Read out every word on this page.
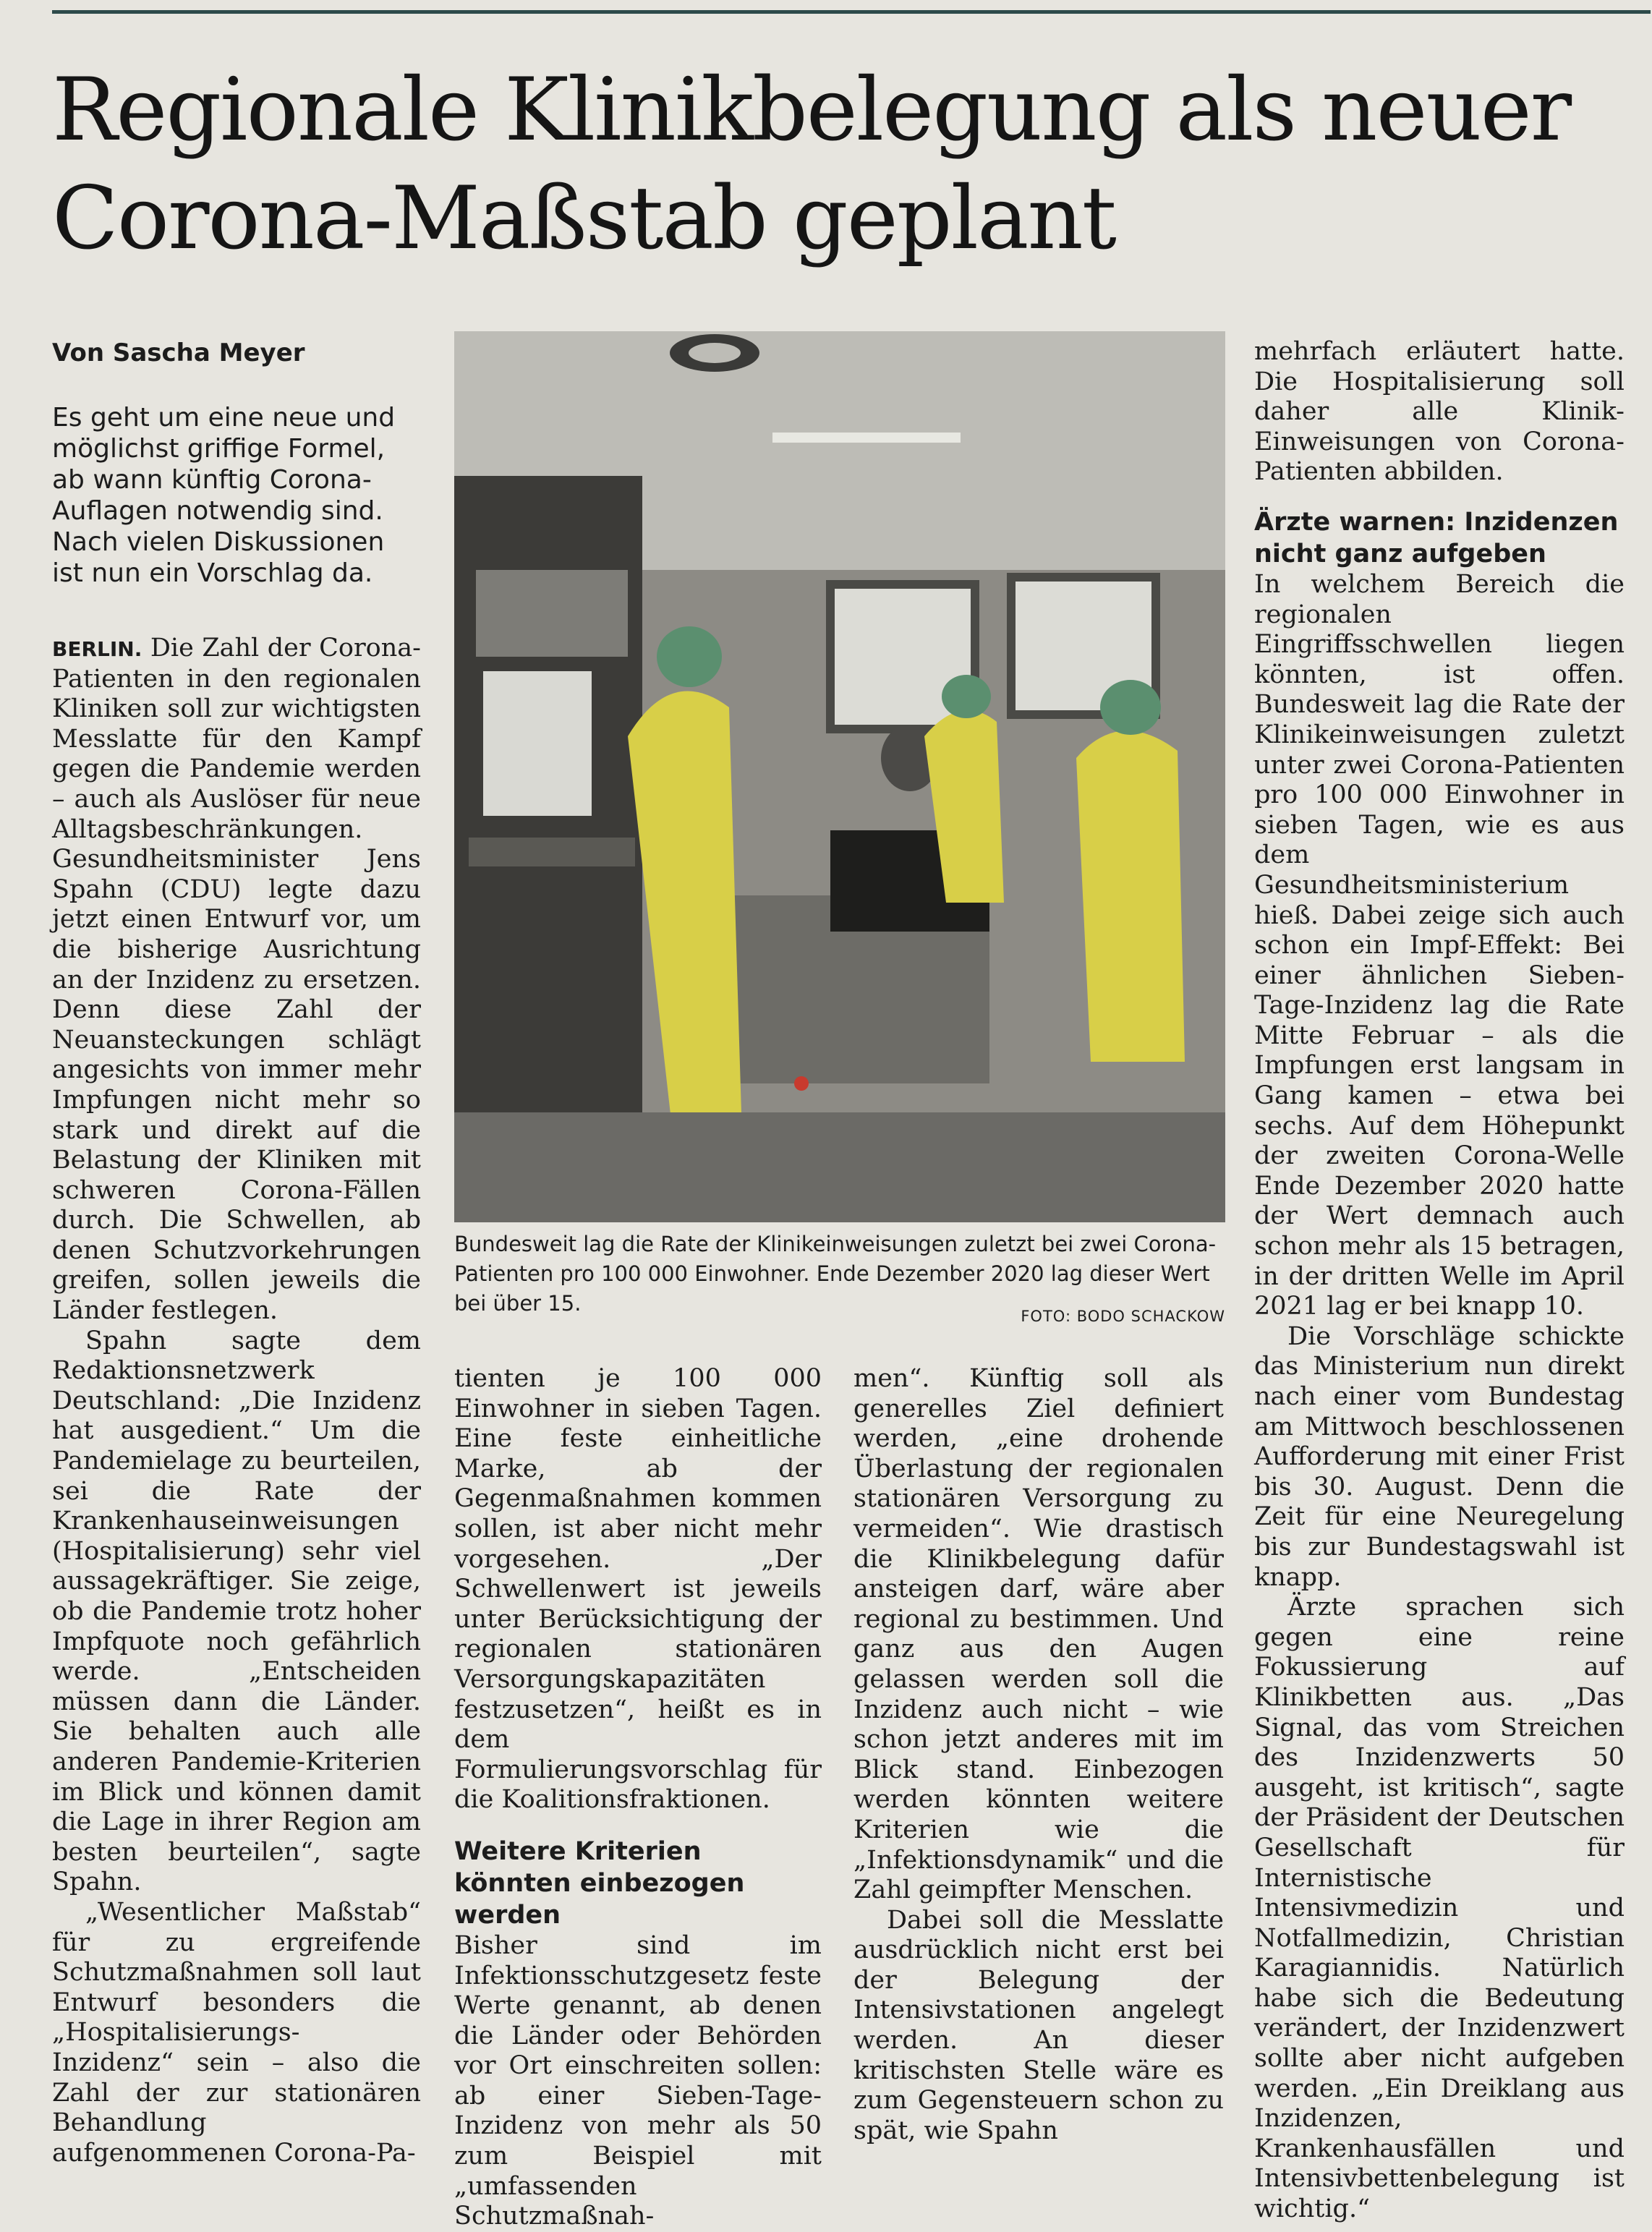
Regionale Klinikbelegung als neuer Corona-Maßstab geplant
Von Sascha Meyer
Es geht um eine neue und möglichst griffige Formel, ab wann künftig Corona-Auflagen notwendig sind. Nach vielen Diskussionen ist nun ein Vorschlag da.

BERLIN. Die Zahl der Corona-Patienten in den regionalen Kliniken soll zur wichtigsten Messlatte für den Kampf gegen die Pandemie werden – auch als Auslöser für neue Alltagsbeschränkungen. Gesundheitsminister Jens Spahn (CDU) legte dazu jetzt einen Entwurf vor, um die bisherige Ausrichtung an der Inzidenz zu ersetzen. Denn diese Zahl der Neuansteckungen schlägt angesichts von immer mehr Impfungen nicht mehr so stark und direkt auf die Belastung der Kliniken mit schweren Corona-Fällen durch. Die Schwellen, ab denen Schutzvorkehrungen greifen, sollen jeweils die Länder festlegen.

Spahn sagte dem Redaktionsnetzwerk Deutschland: „Die Inzidenz hat ausgedient.“ Um die Pandemielage zu beurteilen, sei die Rate der Krankenhauseinweisungen (Hospitalisierung) sehr viel aussagekräftiger. Sie zeige, ob die Pandemie trotz hoher Impfquote noch gefährlich werde. „Entscheiden müssen dann die Länder. Sie behalten auch alle anderen Pandemie-Kriterien im Blick und können damit die Lage in ihrer Region am besten beurteilen“, sagte Spahn.

„Wesentlicher Maßstab“ für zu ergreifende Schutzmaßnahmen soll laut Entwurf besonders die „Hospitalisierungs-Inzidenz“ sein – also die Zahl der zur stationären Behandlung aufgenommenen Corona-Pa-

Bundesweit lag die Rate der Klinikeinweisungen zuletzt bei zwei Corona-Patienten pro 100 000 Einwohner. Ende Dezember 2020 lag dieser Wert bei über 15.
FOTO: BODO SCHACKOW

tienten je 100 000 Einwohner in sieben Tagen. Eine feste einheitliche Marke, ab der Gegenmaßnahmen kommen sollen, ist aber nicht mehr vorgesehen. „Der Schwellenwert ist jeweils unter Berücksichtigung der regionalen stationären Versorgungskapazitäten festzusetzen“, heißt es in dem Formulierungsvorschlag für die Koalitionsfraktionen.

Weitere Kriterien könnten einbezogen werden

Bisher sind im Infektionsschutzgesetz feste Werte genannt, ab denen die Länder oder Behörden vor Ort einschreiten sollen: ab einer Sieben-Tage-Inzidenz von mehr als 50 zum Beispiel mit „umfassenden Schutzmaßnah-

men“. Künftig soll als generelles Ziel definiert werden, „eine drohende Überlastung der regionalen stationären Versorgung zu vermeiden“. Wie drastisch die Klinikbelegung dafür ansteigen darf, wäre aber regional zu bestimmen. Und ganz aus den Augen gelassen werden soll die Inzidenz auch nicht – wie schon jetzt anderes mit im Blick stand. Einbezogen werden könnten weitere Kriterien wie die „Infektionsdynamik“ und die Zahl geimpfter Menschen.

Dabei soll die Messlatte ausdrücklich nicht erst bei der Belegung der Intensivstationen angelegt werden. An dieser kritischsten Stelle wäre es zum Gegensteuern schon zu spät, wie Spahn

mehrfach erläutert hatte. Die Hospitalisierung soll daher alle Klinik-Einweisungen von Corona-Patienten abbilden.

Ärzte warnen: Inzidenzen nicht ganz aufgeben

In welchem Bereich die regionalen Eingriffsschwellen liegen könnten, ist offen. Bundesweit lag die Rate der Klinikeinweisungen zuletzt unter zwei Corona-Patienten pro 100 000 Einwohner in sieben Tagen, wie es aus dem Gesundheitsministerium hieß. Dabei zeige sich auch schon ein Impf-Effekt: Bei einer ähnlichen Sieben-Tage-Inzidenz lag die Rate Mitte Februar – als die Impfungen erst langsam in Gang kamen – etwa bei sechs. Auf dem Höhepunkt der zweiten Corona-Welle Ende Dezember 2020 hatte der Wert demnach auch schon mehr als 15 betragen, in der dritten Welle im April 2021 lag er bei knapp 10.

Die Vorschläge schickte das Ministerium nun direkt nach einer vom Bundestag am Mittwoch beschlossenen Aufforderung mit einer Frist bis 30. August. Denn die Zeit für eine Neuregelung bis zur Bundestagswahl ist knapp.

Ärzte sprachen sich gegen eine reine Fokussierung auf Klinikbetten aus. „Das Signal, das vom Streichen des Inzidenzwerts 50 ausgeht, ist kritisch“, sagte der Präsident der Deutschen Gesellschaft für Internistische Intensivmedizin und Notfallmedizin, Christian Karagiannidis. Natürlich habe sich die Bedeutung verändert, der Inzidenzwert sollte aber nicht aufgeben werden. „Ein Dreiklang aus Inzidenzen, Krankenhausfällen und Intensivbettenbelegung ist wichtig.“
